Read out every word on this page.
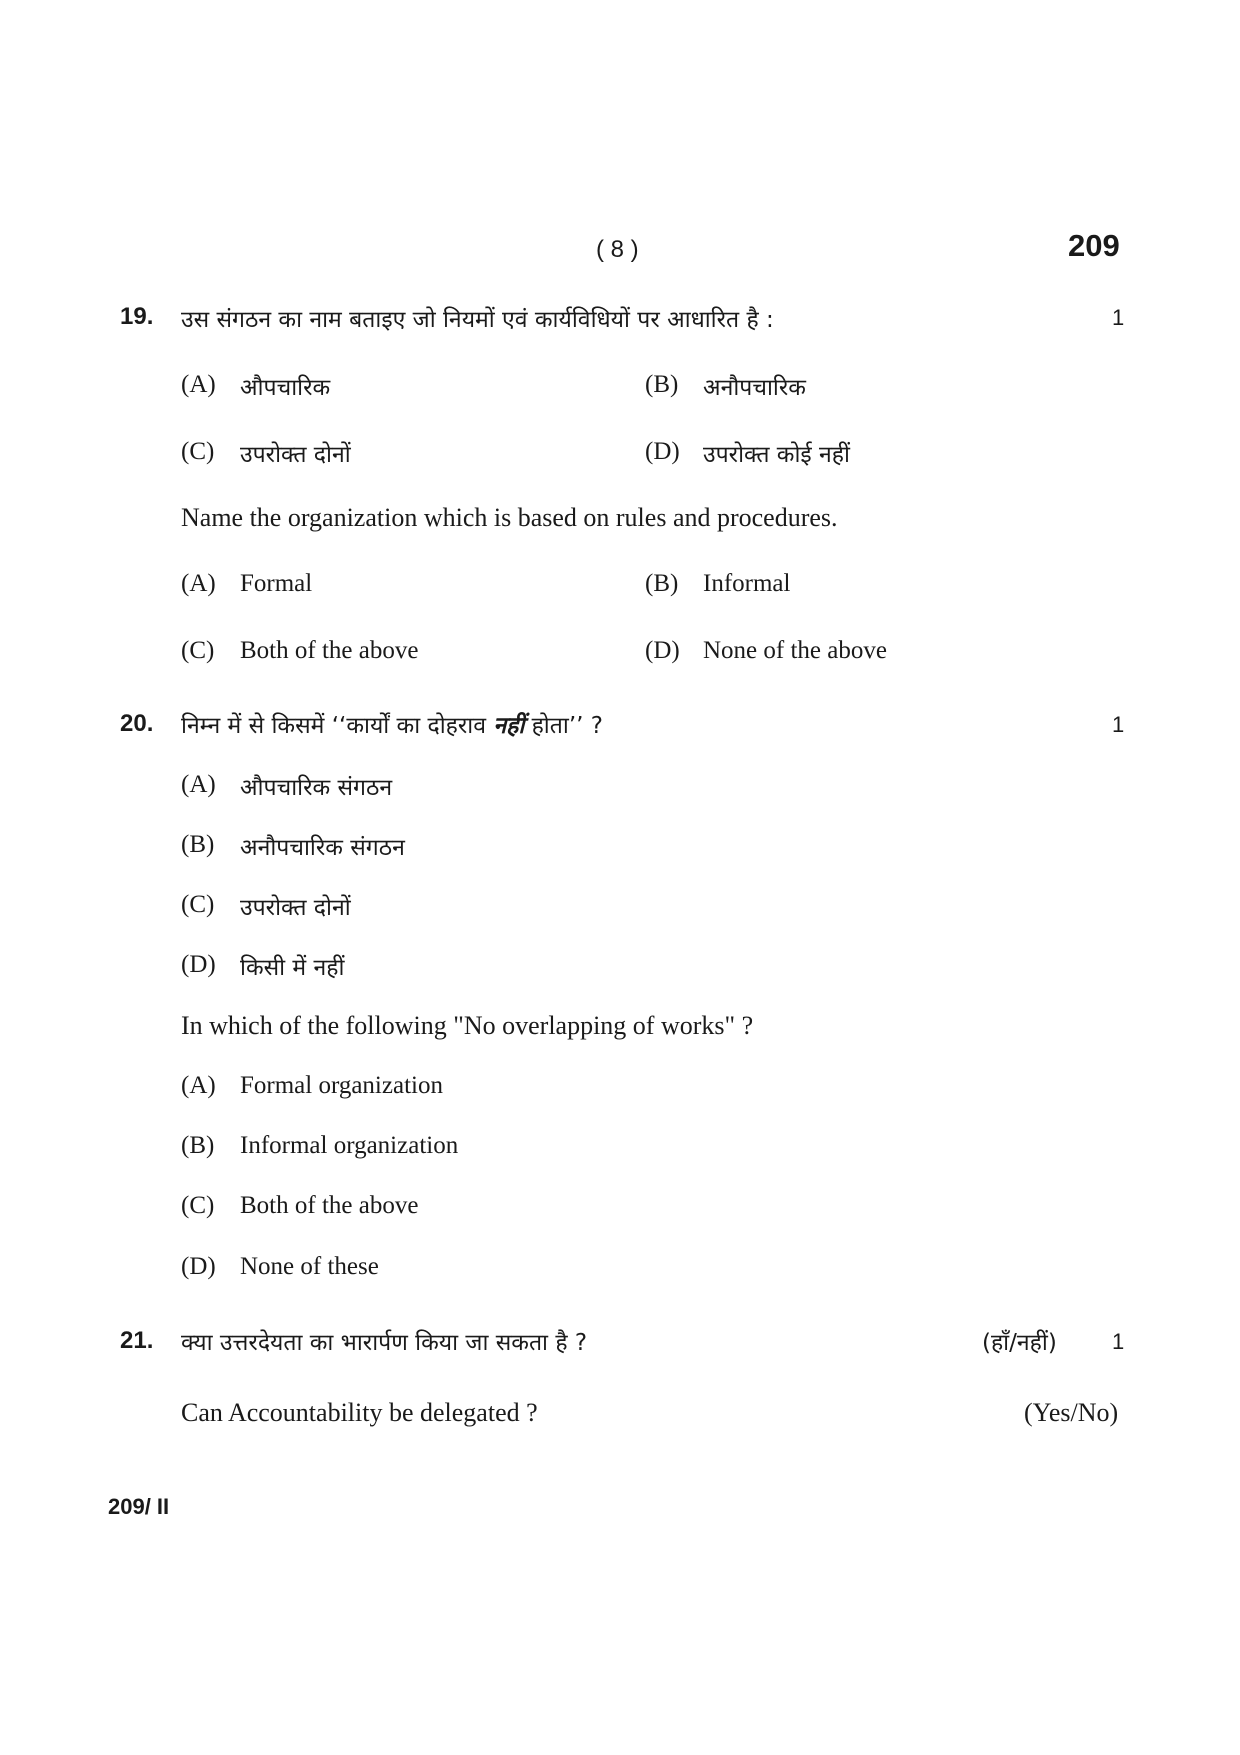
( 8 )	209
19. उस संगठन का नाम बताइए जो नियमों एवं कार्यविधियों पर आधारित है :	1
(A) औपचारिक	(B) अनौपचारिक
(C) उपरोक्त दोनों	(D) उपरोक्त कोई नहीं
Name the organization which is based on rules and procedures.
(A) Formal	(B) Informal
(C) Both of the above	(D) None of the above
20. निम्न में से किसमें ‘‘कार्यों का दोहराव नहीं होता’’ ?	1
(A) औपचारिक संगठन
(B) अनौपचारिक संगठन
(C) उपरोक्त दोनों
(D) किसी में नहीं
In which of the following "No overlapping of works" ?
(A) Formal organization
(B) Informal organization
(C) Both of the above
(D) None of these
21. क्या उत्तरदेयता का भारार्पण किया जा सकता है ?	(हाँ/नहीं)	1
Can Accountability be delegated ?	(Yes/No)
209/ II
